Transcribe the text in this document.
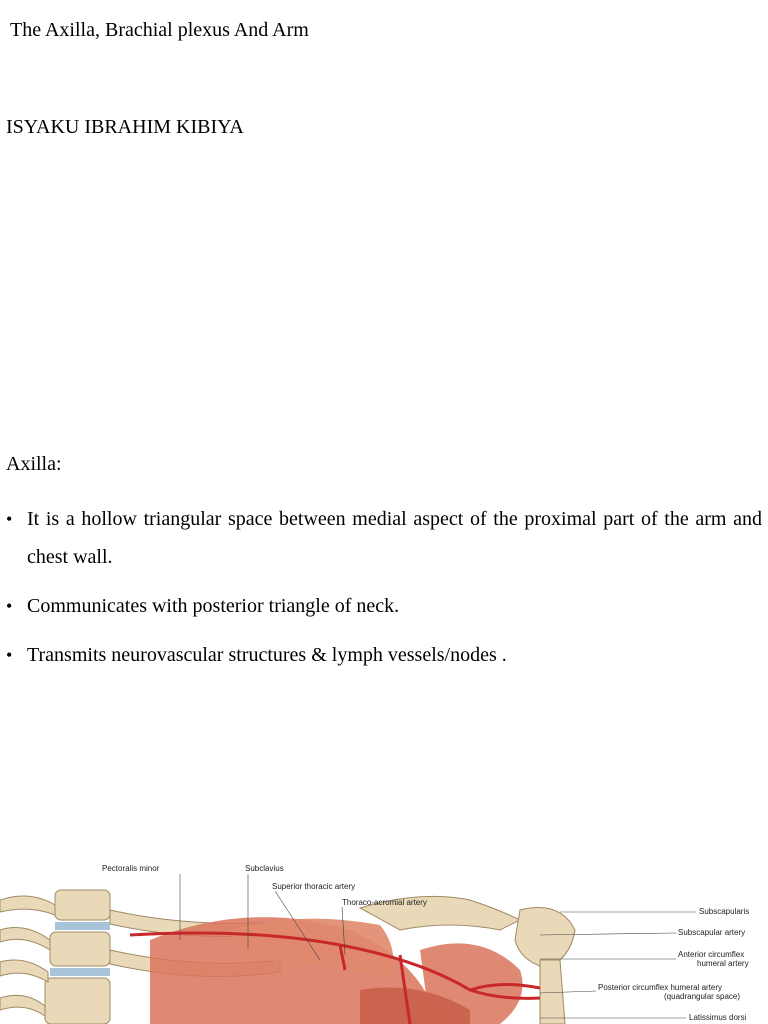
The Axilla, Brachial plexus And Arm
ISYAKU IBRAHIM KIBIYA
Axilla:
• It is a hollow triangular space between medial aspect of the proximal part of the arm and chest wall.
• Communicates with posterior triangle of neck.
• Transmits neurovascular structures & lymph vessels/nodes .
Pectoralis minor	Subclavius
Superior thoracic artery
Thoraco-acromial artery
Subscapularis
Subscapular artery
Anterior circumflex
humeral artery
Posterior circumflex humeral artery
(quadrangular space)
Latissimus dorsi
